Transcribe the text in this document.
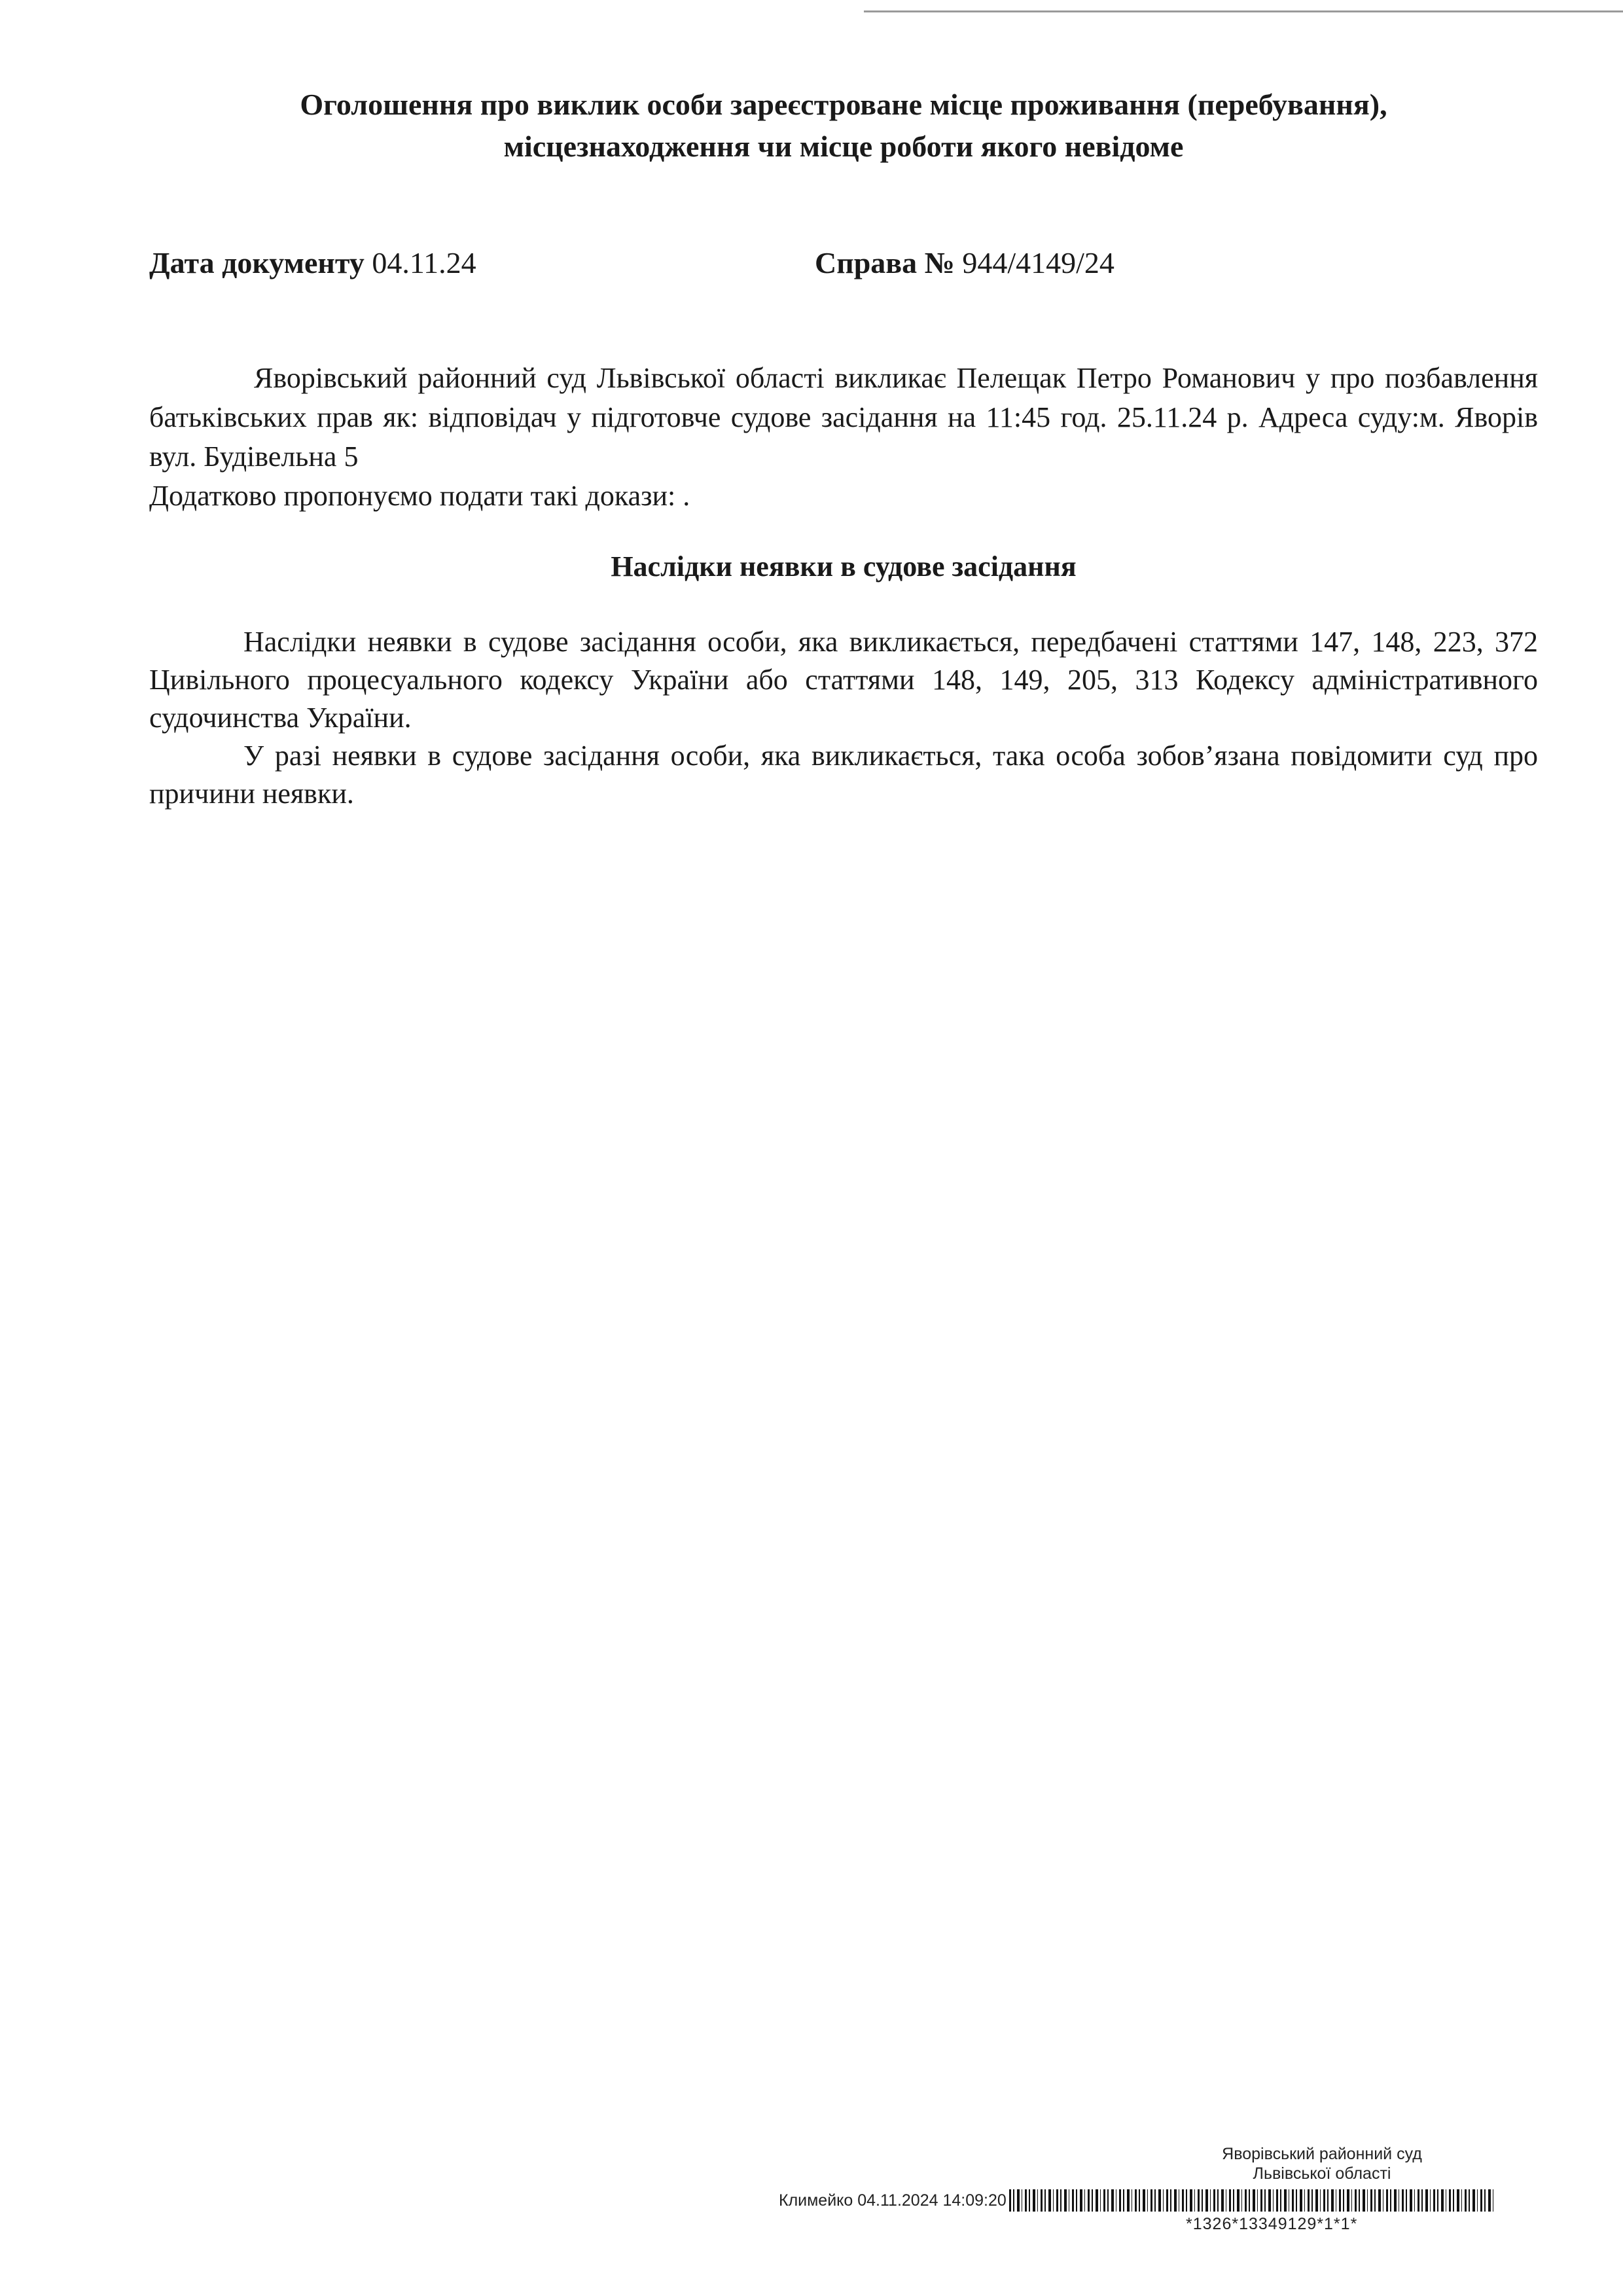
Оголошення про виклик особи зареєстроване місце проживання (перебування),
місцезнаходження чи місце роботи якого невідоме
Дата документу 04.11.24	Справа № 944/4149/24

Яворівський районний суд Львівської області викликає Пелещак Петро Романович у про позбавлення батьківських прав як: відповідач у підготовче судове засідання на 11:45 год. 25.11.24 р. Адреса суду:м. Яворів вул. Будівельна 5

Додатково пропонуємо подати такі докази: .

Наслідки неявки в судове засідання

Наслідки неявки в судове засідання особи, яка викликається, передбачені статтями 147, 148, 223, 372 Цивільного процесуального кодексу України або статтями 148, 149, 205, 313 Кодексу адміністративного судочинства України.

У разі неявки в судове засідання особи, яка викликається, така особа зобов’язана повідомити суд про причини неявки.

Яворівський районний суд
Львівської області
Климейко 04.11.2024 14:09:20
*1326*13349129*1*1*
